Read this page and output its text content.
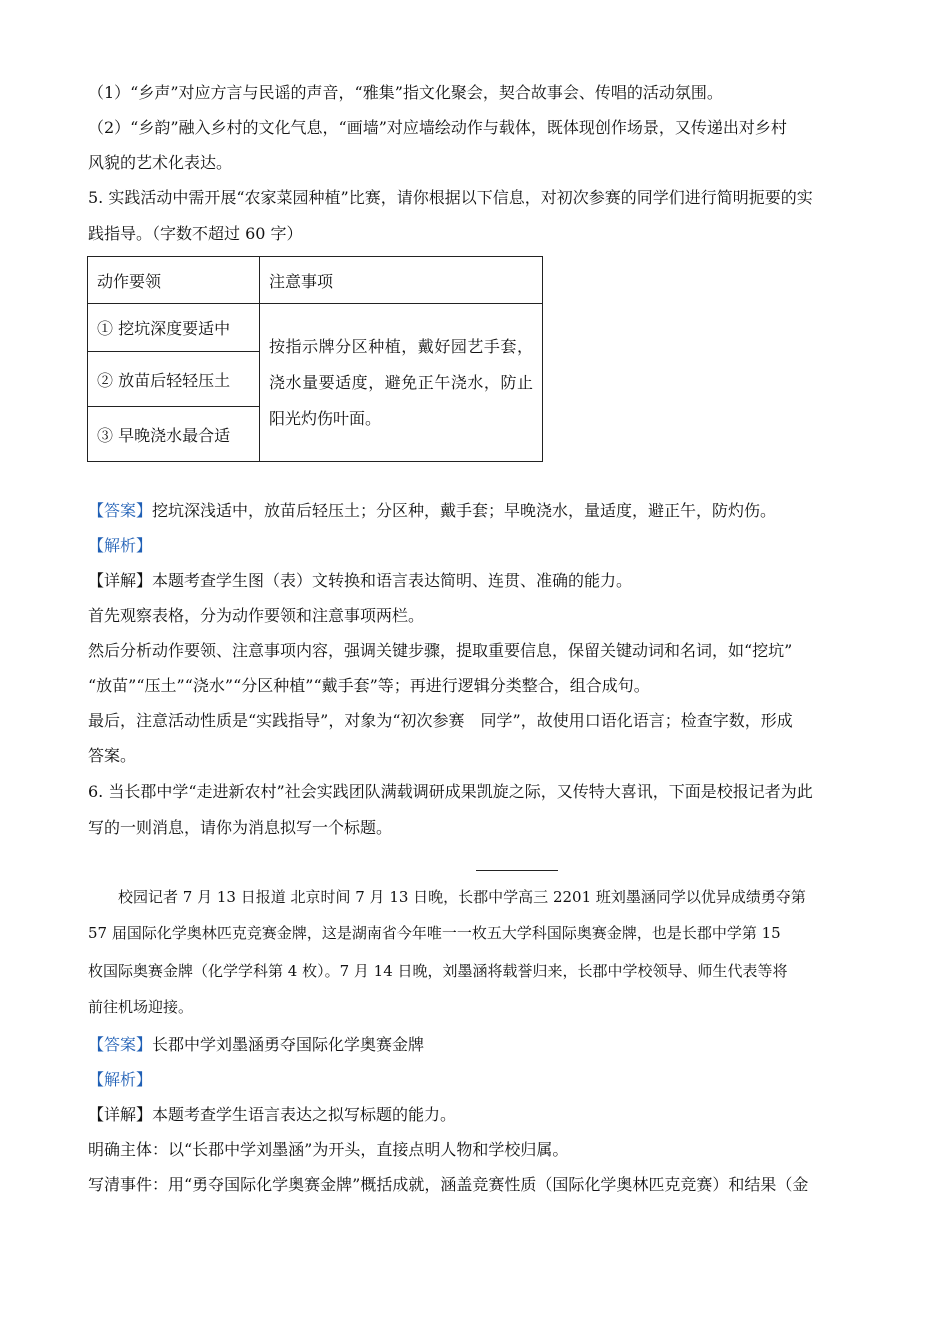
（1）“乡声”对应方言与民谣的声音，“雅集”指文化聚会，契合故事会、传唱的活动氛围。
（2）“乡韵”融入乡村的文化气息，“画墙”对应墙绘动作与载体，既体现创作场景，又传递出对乡村
风貌的艺术化表达。
5. 实践活动中需开展“农家菜园种植”比赛，请你根据以下信息，对初次参赛的同学们进行简明扼要的实
践指导。（字数不超过 60 字）
动作要领	注意事项
① 挖坑深度要适中	按指示牌分区种植，戴好园艺手套，浇水量要适度，避免正午浇水，防止阳光灼伤叶面。

② 放苗后轻轻压土	
③ 早晚浇水最合适	
【答案】挖坑深浅适中，放苗后轻压土；分区种，戴手套；早晚浇水，量适度，避正午，防灼伤。
【解析】
【详解】本题考查学生图（表）文转换和语言表达简明、连贯、准确的能力。
首先观察表格，分为动作要领和注意事项两栏。
然后分析动作要领、注意事项内容，强调关键步骤，提取重要信息，保留关键动词和名词，如“挖坑”
“放苗”“压土”“浇水”“分区种植”“戴手套”等；再进行逻辑分类整合，组合成句。
最后，注意活动性质是“实践指导”，对象为“初次参赛　同学”，故使用口语化语言；检查字数，形成
答案。
6. 当长郡中学“走进新农村”社会实践团队满载调研成果凯旋之际，又传特大喜讯，下面是校报记者为此
写的一则消息，请你为消息拟写一个标题。
　　校园记者 7 月 13 日报道 北京时间 7 月 13 日晚，长郡中学高三 2201 班刘墨涵同学以优异成绩勇夺第
57 届国际化学奥林匹克竞赛金牌，这是湖南省今年唯一一枚五大学科国际奥赛金牌，也是长郡中学第 15
枚国际奥赛金牌（化学学科第 4 枚）。7 月 14 日晚，刘墨涵将载誉归来，长郡中学校领导、师生代表等将
前往机场迎接。
【答案】长郡中学刘墨涵勇夺国际化学奥赛金牌
【解析】
【详解】本题考查学生语言表达之拟写标题的能力。
明确主体：以“长郡中学刘墨涵”为开头，直接点明人物和学校归属。
写清事件：用“勇夺国际化学奥赛金牌”概括成就，涵盖竞赛性质（国际化学奥林匹克竞赛）和结果（金
